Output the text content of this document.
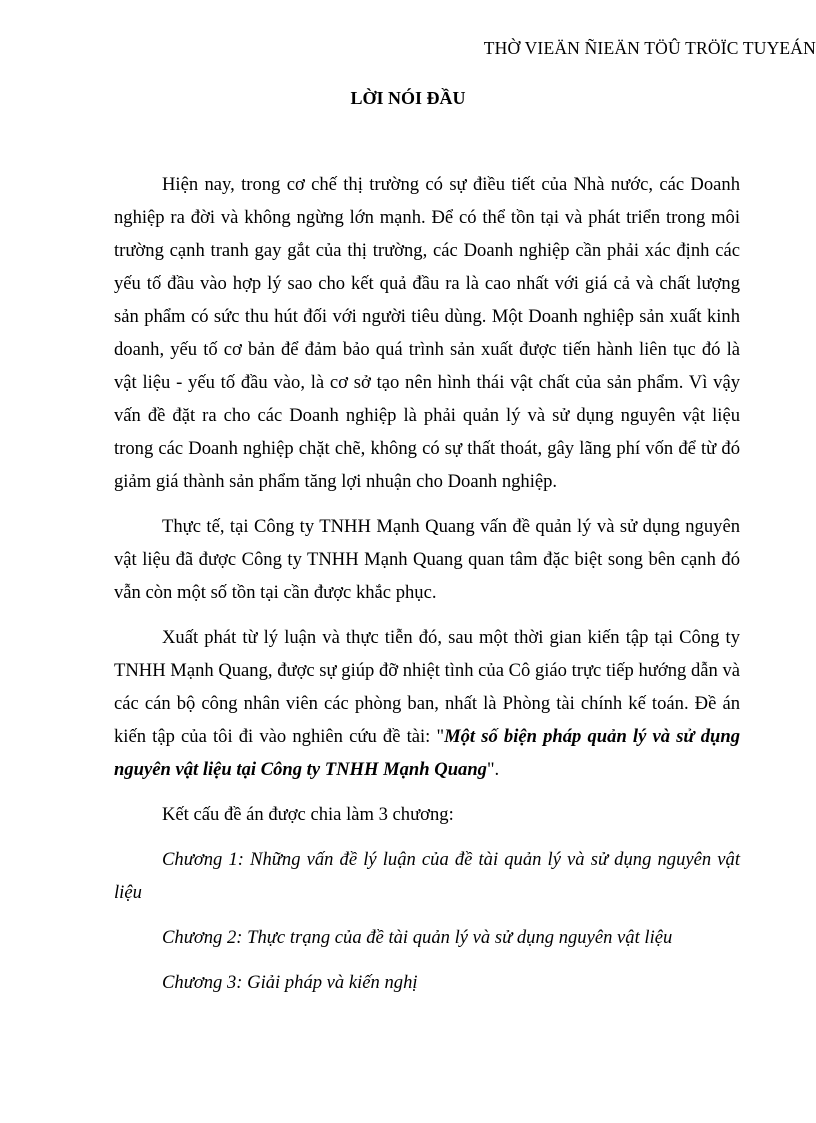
THỜ VIEÄN ÑIEÄN TÖÛ TRÖÏC TUYEÁN
LỜI NÓI ĐẦU

Hiện nay, trong cơ chế thị trường có sự điều tiết của Nhà nước, các Doanh nghiệp ra đời và không ngừng lớn mạnh. Để có thể tồn tại và phát triển trong môi trường cạnh tranh gay gắt của thị trường, các Doanh nghiệp cần phải xác định các yếu tố đầu vào hợp lý sao cho kết quả đầu ra là cao nhất với giá cả và chất lượng sản phẩm có sức thu hút đối với người tiêu dùng. Một Doanh nghiệp sản xuất kinh doanh, yếu tố cơ bản để đảm bảo quá trình sản xuất được tiến hành liên tục đó là vật liệu - yếu tố đầu vào, là cơ sở tạo nên hình thái vật chất của sản phẩm. Vì vậy vấn đề đặt ra cho các Doanh nghiệp là phải quản lý và sử dụng nguyên vật liệu trong các Doanh nghiệp chặt chẽ, không có sự thất thoát, gây lãng phí vốn để từ đó giảm giá thành sản phẩm tăng lợi nhuận cho Doanh nghiệp.

Thực tế, tại Công ty TNHH Mạnh Quang vấn đề quản lý và sử dụng nguyên vật liệu đã được Công ty TNHH Mạnh Quang quan tâm đặc biệt song bên cạnh đó vẫn còn một số tồn tại cần được khắc phục.

Xuất phát từ lý luận và thực tiễn đó, sau một thời gian kiến tập tại Công ty TNHH Mạnh Quang, được sự giúp đỡ nhiệt tình của Cô giáo trực tiếp hướng dẫn và các cán bộ công nhân viên các phòng ban, nhất là Phòng tài chính kế toán. Đề án kiến tập của tôi đi vào nghiên cứu đề tài: "Một số biện pháp quản lý và sử dụng nguyên vật liệu tại Công ty TNHH Mạnh Quang".

Kết cấu đề án được chia làm 3 chương:

Chương 1: Những vấn đề lý luận của đề tài quản lý và sử dụng nguyên vật liệu

Chương 2: Thực trạng của đề tài quản lý và sử dụng nguyên vật liệu

Chương 3: Giải pháp và kiến nghị
